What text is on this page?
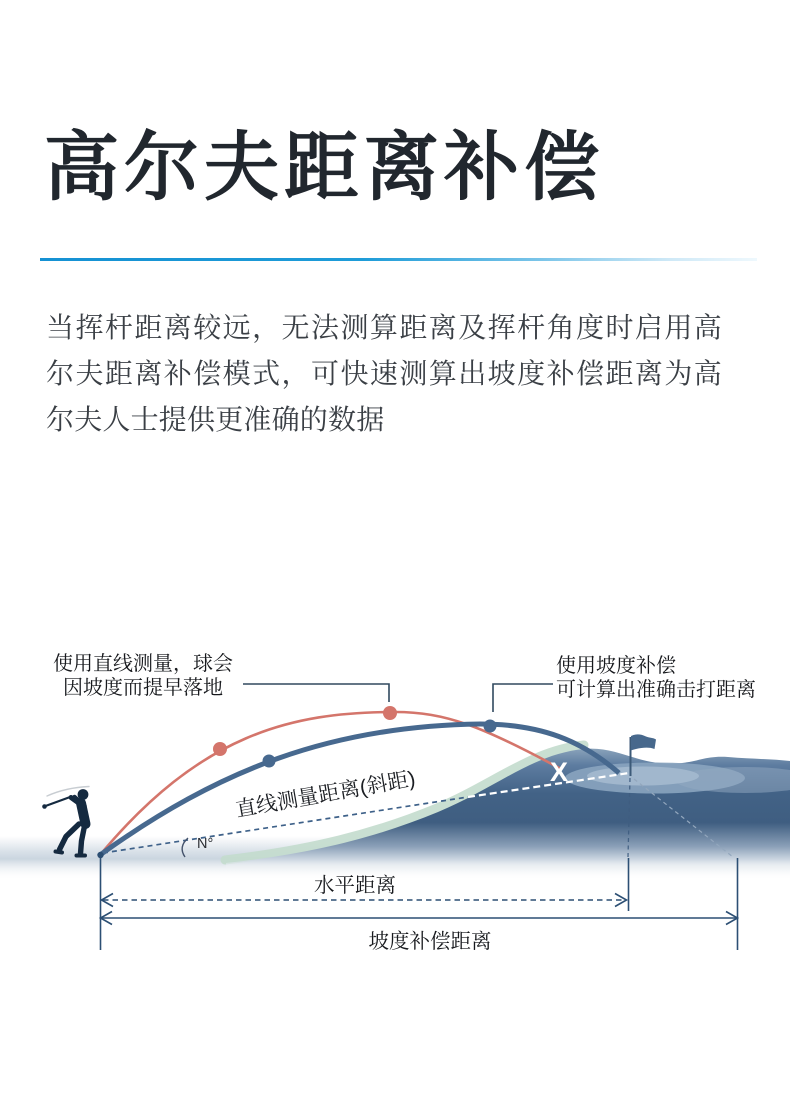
高尔夫距离补偿
当挥杆距离较远，无法测算距离及挥杆角度时启用高尔夫距离补偿模式，可快速测算出坡度补偿距离为高尔夫人士提供更准确的数据
X
使用直线测量，球会
因坡度而提早落地
使用坡度补偿
可计算出准确击打距离
直线测量距离(斜距)
N°
水平距离
坡度补偿距离
